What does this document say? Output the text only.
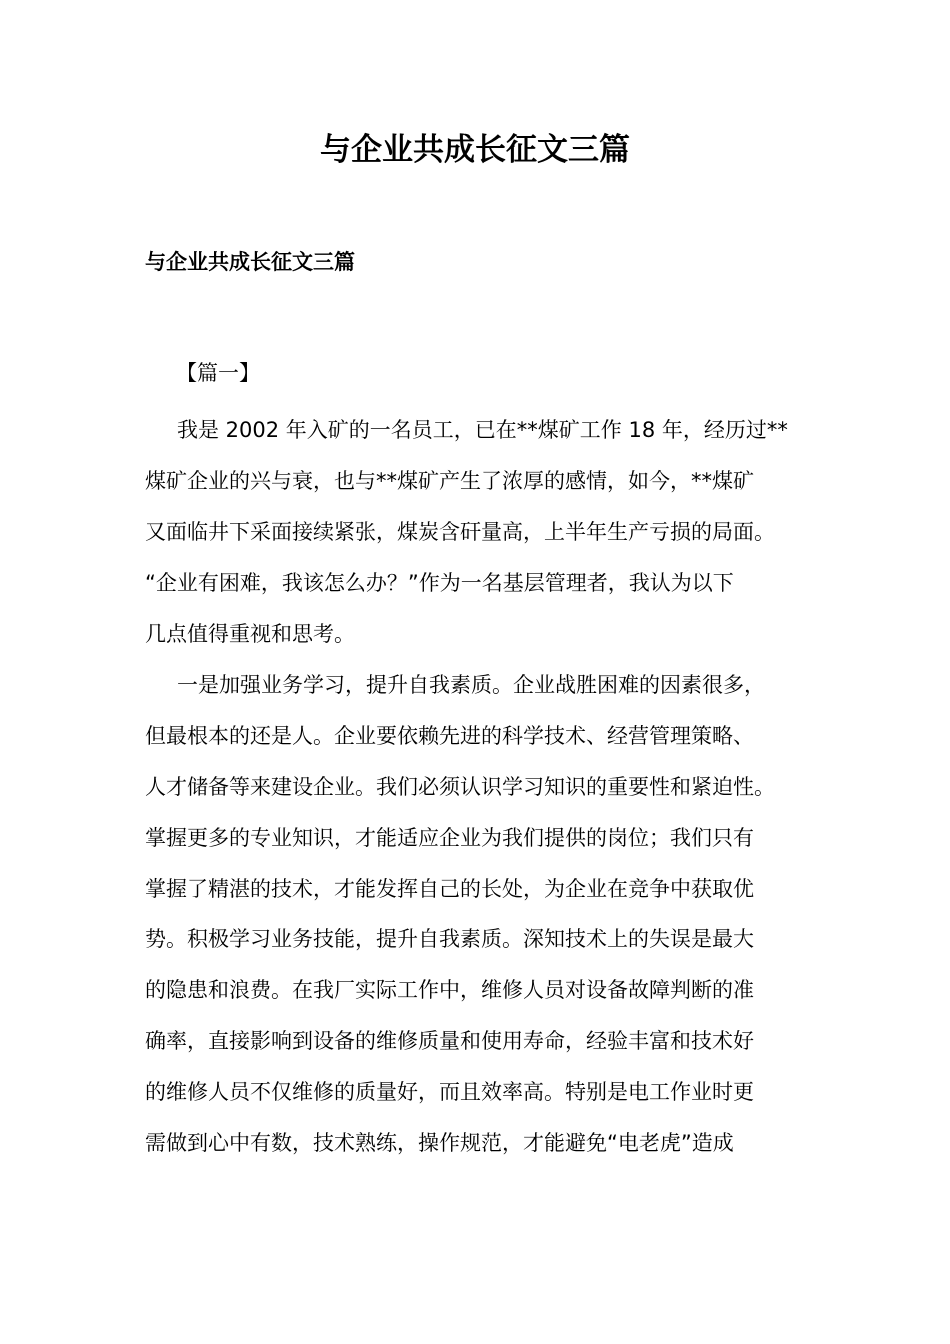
与企业共成长征文三篇
与企业共成长征文三篇
【篇一】
我是 2002 年入矿的一名员工，已在**煤矿工作 18 年，经历过**
煤矿企业的兴与衰，也与**煤矿产生了浓厚的感情，如今，**煤矿
又面临井下采面接续紧张，煤炭含矸量高，上半年生产亏损的局面。
“企业有困难，我该怎么办？”作为一名基层管理者，我认为以下
几点值得重视和思考。
一是加强业务学习，提升自我素质。企业战胜困难的因素很多，
但最根本的还是人。企业要依赖先进的科学技术、经营管理策略、
人才储备等来建设企业。我们必须认识学习知识的重要性和紧迫性。
掌握更多的专业知识，才能适应企业为我们提供的岗位；我们只有
掌握了精湛的技术，才能发挥自己的长处，为企业在竞争中获取优
势。积极学习业务技能，提升自我素质。深知技术上的失误是最大
的隐患和浪费。在我厂实际工作中，维修人员对设备故障判断的准
确率，直接影响到设备的维修质量和使用寿命，经验丰富和技术好
的维修人员不仅维修的质量好，而且效率高。特别是电工作业时更
需做到心中有数，技术熟练，操作规范，才能避免“电老虎”造成
